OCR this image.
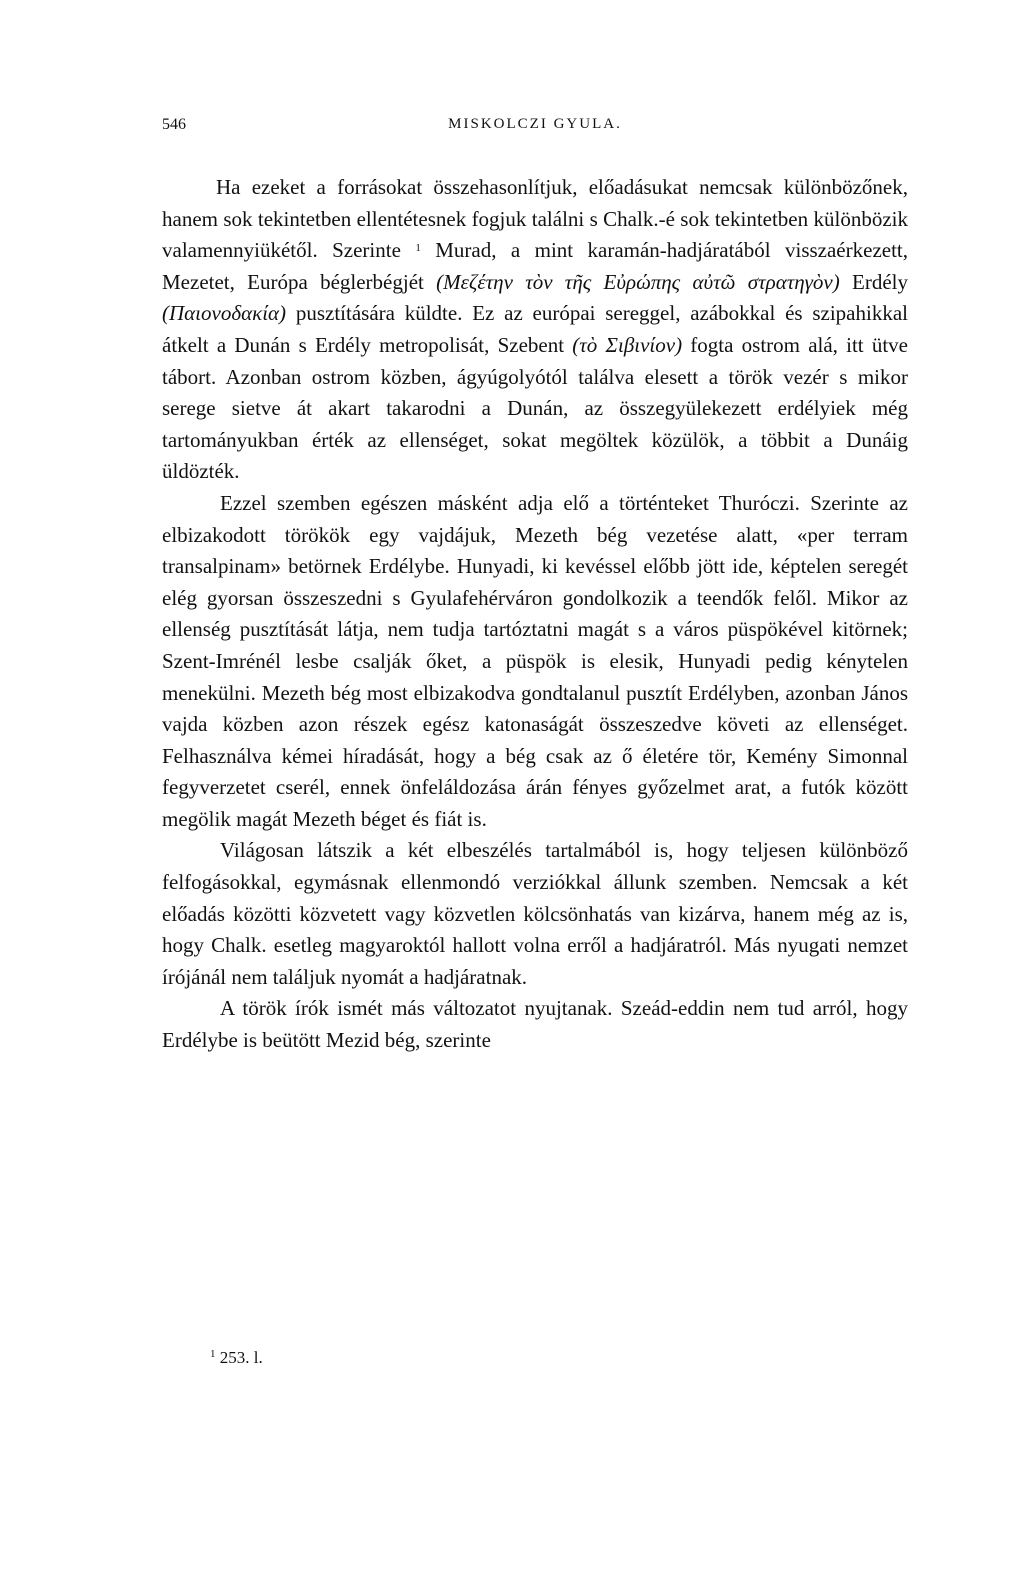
546	MISKOLCZI GYULA.

Ha ezeket a forrásokat összehasonlítjuk, előadásukat nemcsak különbözőnek, hanem sok tekintetben ellentétesnek fogjuk találni s Chalk.-é sok tekintetben különbözik valamennyiükétől. Szerinte $^1$ Murad, a mint karamán-hadjáratából visszaérkezett, Mezetet, Európa béglerbégjét (Μεζέτην τὸν τῆς Εὐρώπης αὐτῶ στρατηγὸν) Erdély (Παιονοδακία) pusztítására küldte. Ez az európai sereggel, azábokkal és szipahikkal átkelt a Dunán s Erdély metropolisát, Szebent (τὸ Σιβινίον) fogta ostrom alá, itt ütve tábort. Azonban ostrom közben, ágyúgolyótól találva elesett a török vezér s mikor serege sietve át akart takarodni a Dunán, az összegyülekezett erdélyiek még tartományukban érték az ellenséget, sokat megöltek közülök, a többit a Dunáig üldözték.

Ezzel szemben egészen másként adja elő a történteket Thuróczi. Szerinte az elbizakodott törökök egy vajdájuk, Mezeth bég vezetése alatt, «per terram transalpinam» betörnek Erdélybe. Hunyadi, ki kevéssel előbb jött ide, képtelen seregét elég gyorsan összeszedni s Gyulafehérváron gondolkozik a teendők felől. Mikor az ellenség pusztítását látja, nem tudja tartóztatni magát s a város püspökével kitörnek; Szent-Imrénél lesbe csalják őket, a püspök is elesik, Hunyadi pedig kénytelen menekülni. Mezeth bég most elbizakodva gondtalanul pusztít Erdélyben, azonban János vajda közben azon részek egész katonaságát összeszedve követi az ellenséget. Felhasználva kémei híradását, hogy a bég csak az ő életére tör, Kemény Simonnal fegyverzetet cserél, ennek önfeláldozása árán fényes győzelmet arat, a futók között megölik magát Mezeth béget és fiát is.

Világosan látszik a két elbeszélés tartalmából is, hogy teljesen különböző felfogásokkal, egymásnak ellenmondó verziókkal állunk szemben. Nemcsak a két előadás közötti közvetett vagy közvetlen kölcsönhatás van kizárva, hanem még az is, hogy Chalk. esetleg magyaroktól hallott volna erről a hadjáratról. Más nyugati nemzet írójánál nem találjuk nyomát a hadjáratnak.

A török írók ismét más változatot nyujtanak. Szeád-eddin nem tud arról, hogy Erdélybe is beütött Mezid bég, szerinte

$^1$ 253. l.
